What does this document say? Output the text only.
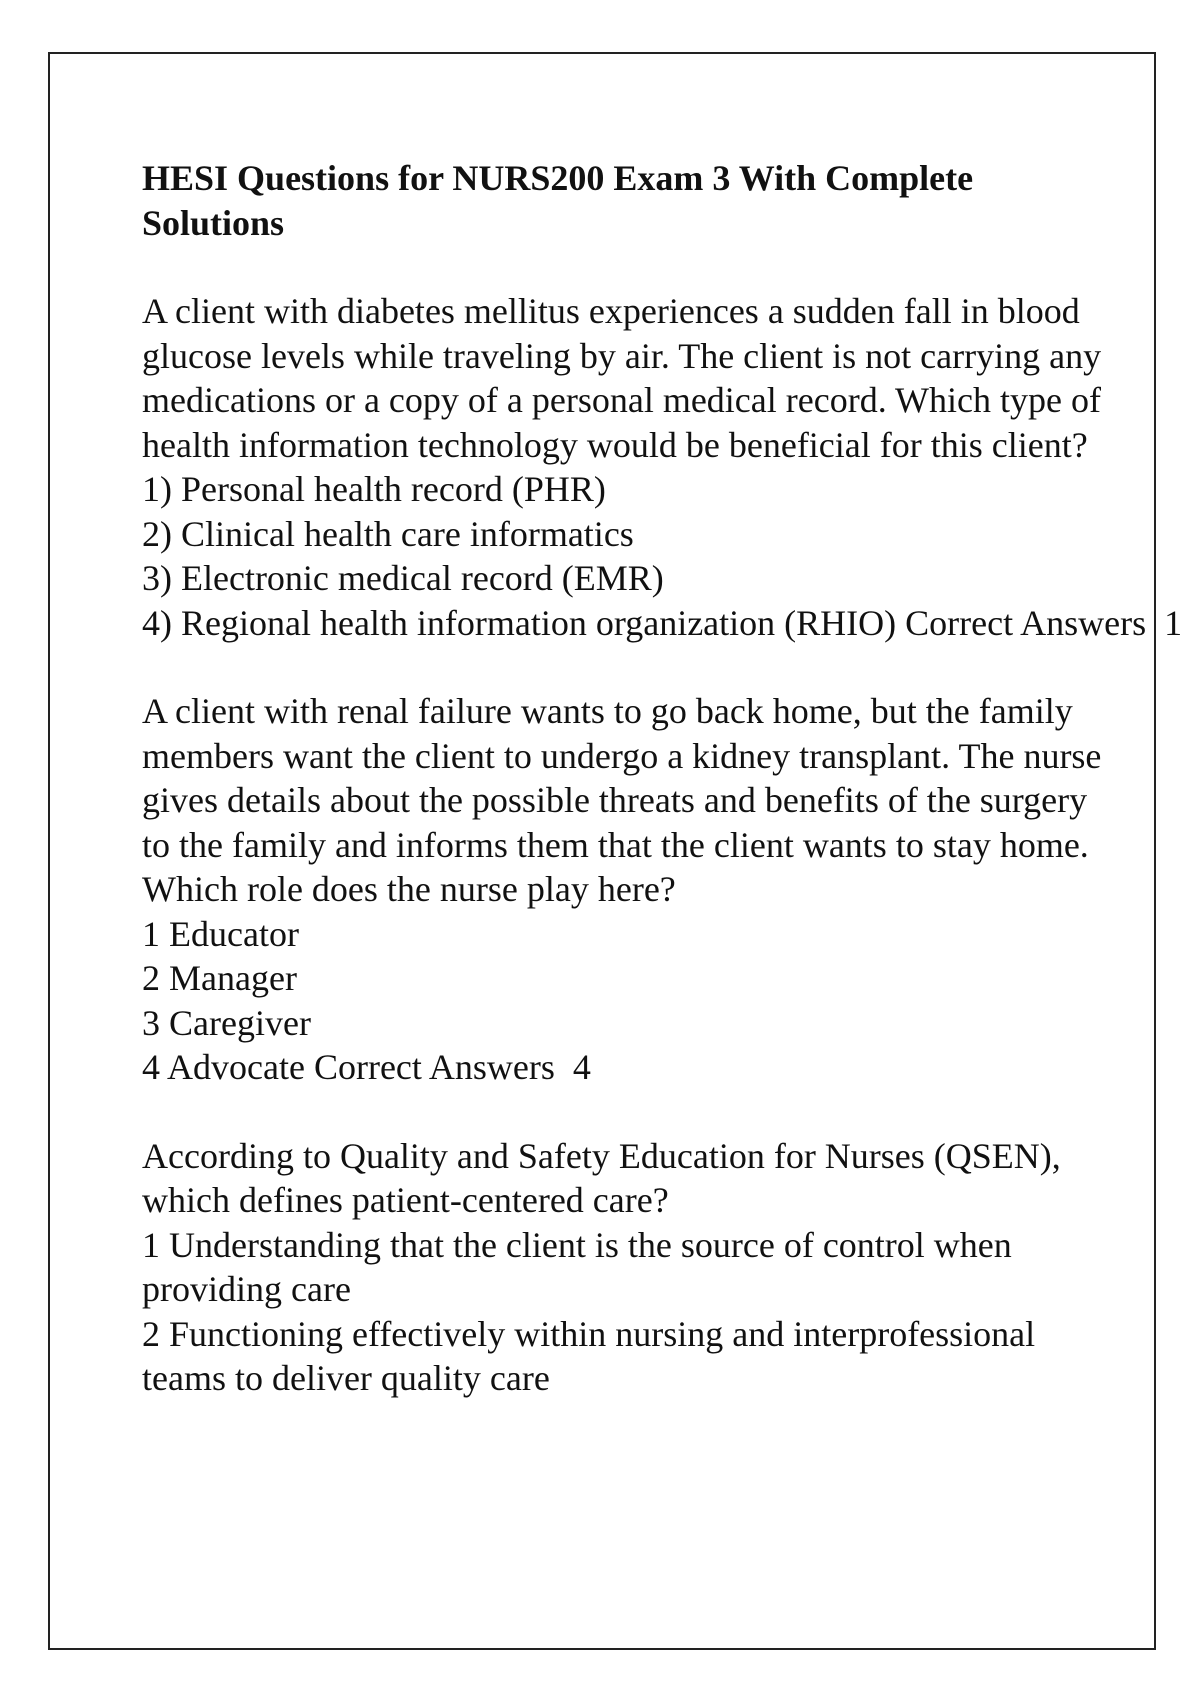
HESI Questions for NURS200 Exam 3 With Complete Solutions
A client with diabetes mellitus experiences a sudden fall in blood glucose levels while traveling by air. The client is not carrying any medications or a copy of a personal medical record. Which type of health information technology would be beneficial for this client?
1) Personal health record (PHR)
2) Clinical health care informatics
3) Electronic medical record (EMR)
4) Regional health information organization (RHIO) Correct Answers  1
A client with renal failure wants to go back home, but the family members want the client to undergo a kidney transplant. The nurse gives details about the possible threats and benefits of the surgery to the family and informs them that the client wants to stay home. Which role does the nurse play here?
1 Educator
2 Manager
3 Caregiver
4 Advocate Correct Answers  4
According to Quality and Safety Education for Nurses (QSEN), which defines patient-centered care?
1 Understanding that the client is the source of control when providing care
2 Functioning effectively within nursing and interprofessional teams to deliver quality care
